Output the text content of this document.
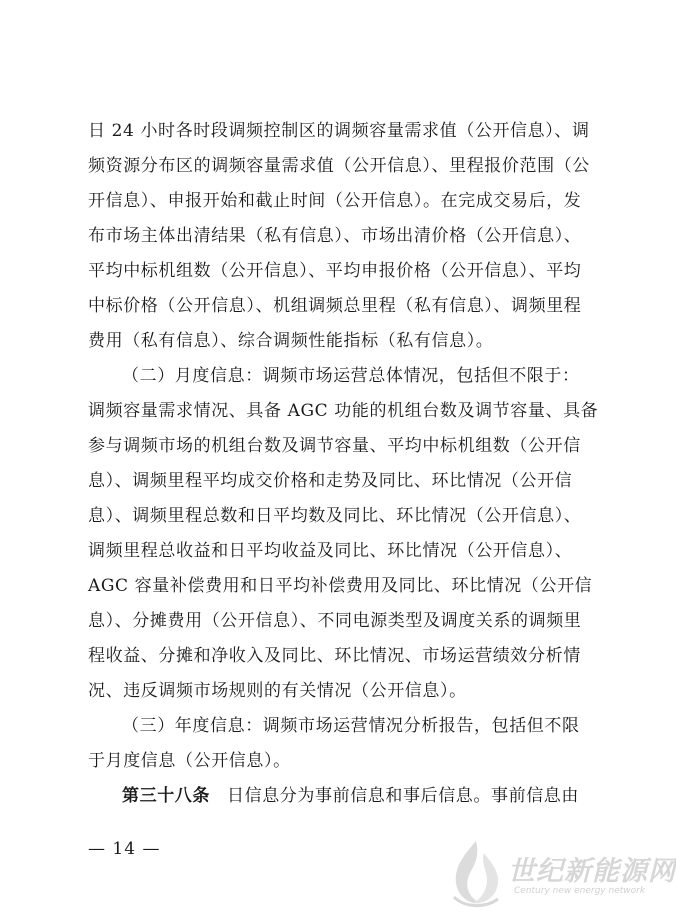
日 24 小时各时段调频控制区的调频容量需求值（公开信息）、调
频资源分布区的调频容量需求值（公开信息）、里程报价范围（公
开信息）、申报开始和截止时间（公开信息）。在完成交易后，发
布市场主体出清结果（私有信息）、市场出清价格（公开信息）、
平均中标机组数（公开信息）、平均申报价格（公开信息）、平均
中标价格（公开信息）、机组调频总里程（私有信息）、调频里程
费用（私有信息）、综合调频性能指标（私有信息）。
（二）月度信息：调频市场运营总体情况，包括但不限于：
调频容量需求情况、具备 AGC 功能的机组台数及调节容量、具备
参与调频市场的机组台数及调节容量、平均中标机组数（公开信
息）、调频里程平均成交价格和走势及同比、环比情况（公开信
息）、调频里程总数和日平均数及同比、环比情况（公开信息）、
调频里程总收益和日平均收益及同比、环比情况（公开信息）、
AGC 容量补偿费用和日平均补偿费用及同比、环比情况（公开信
息）、分摊费用（公开信息）、不同电源类型及调度关系的调频里
程收益、分摊和净收入及同比、环比情况、市场运营绩效分析情
况、违反调频市场规则的有关情况（公开信息）。
（三）年度信息：调频市场运营情况分析报告，包括但不限
于月度信息（公开信息）。
第三十八条 日信息分为事前信息和事后信息。事前信息由
— 14 —
世纪新能源网
Century new energy network
